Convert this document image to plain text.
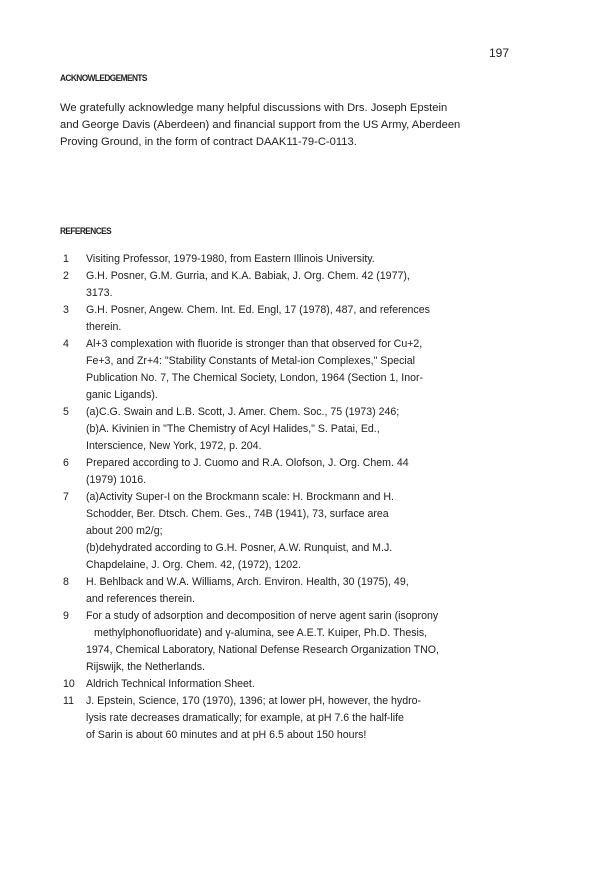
197
ACKNOWLEDGEMENTS
We gratefully acknowledge many helpful discussions with Drs. Joseph Epstein
and George Davis (Aberdeen) and financial support from the US Army, Aberdeen
Proving Ground, in the form of contract DAAK11-79-C-0113.
REFERENCES
1	Visiting Professor, 1979-1980, from Eastern Illinois University.
2	G.H. Posner, G.M. Gurria, and K.A. Babiak, J. Org. Chem. 42 (1977),
3173.
3	G.H. Posner, Angew. Chem. Int. Ed. Engl, 17 (1978), 487, and references
therein.
4	Al+3 complexation with fluoride is stronger than that observed for Cu+2,
Fe+3, and Zr+4: "Stability Constants of Metal-ion Complexes," Special
Publication No. 7, The Chemical Society, London, 1964 (Section 1, Inor-
ganic Ligands).
5	(a)C.G. Swain and L.B. Scott, J. Amer. Chem. Soc., 75 (1973) 246;
(b)A. Kivinien in "The Chemistry of Acyl Halides," S. Patai, Ed.,
Interscience, New York, 1972, p. 204.
6	Prepared according to J. Cuomo and R.A. Olofson, J. Org. Chem. 44
(1979) 1016.
7	(a)Activity Super-I on the Brockmann scale: H. Brockmann and H.
Schodder, Ber. Dtsch. Chem. Ges., 74B (1941), 73, surface area
about 200 m2/g;
(b)dehydrated according to G.H. Posner, A.W. Runquist, and M.J.
Chapdelaine, J. Org. Chem. 42, (1972), 1202.
8	H. Behlback and W.A. Williams, Arch. Environ. Health, 30 (1975), 49,
and references therein.
9	For a study of adsorption and decomposition of nerve agent sarin (isoprony
methylphonofluoridate) and γ-alumina, see A.E.T. Kuiper, Ph.D. Thesis,
1974, Chemical Laboratory, National Defense Research Organization TNO,
Rijswijk, the Netherlands.
10 Aldrich Technical Information Sheet.
11 J. Epstein, Science, 170 (1970), 1396; at lower pH, however, the hydro-
lysis rate decreases dramatically; for example, at pH 7.6 the half-life
of Sarin is about 60 minutes and at pH 6.5 about 150 hours!
